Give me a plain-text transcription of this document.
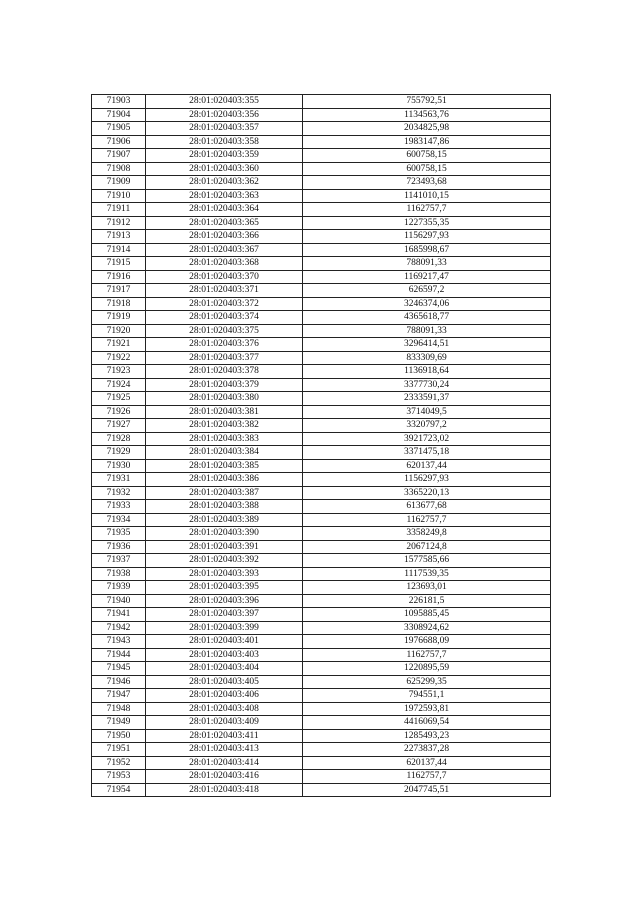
71903	28:01:020403:355	755792,51
71904	28:01:020403:356	1134563,76
71905	28:01:020403:357	2034825,98
71906	28:01:020403:358	1983147,86
71907	28:01:020403:359	600758,15
71908	28:01:020403:360	600758,15
71909	28:01:020403:362	723493,68
71910	28:01:020403:363	1141010,15
71911	28:01:020403:364	1162757,7
71912	28:01:020403:365	1227355,35
71913	28:01:020403:366	1156297,93
71914	28:01:020403:367	1685998,67
71915	28:01:020403:368	788091,33
71916	28:01:020403:370	1169217,47
71917	28:01:020403:371	626597,2
71918	28:01:020403:372	3246374,06
71919	28:01:020403:374	4365618,77
71920	28:01:020403:375	788091,33
71921	28:01:020403:376	3296414,51
71922	28:01:020403:377	833309,69
71923	28:01:020403:378	1136918,64
71924	28:01:020403:379	3377730,24
71925	28:01:020403:380	2333591,37
71926	28:01:020403:381	3714049,5
71927	28:01:020403:382	3320797,2
71928	28:01:020403:383	3921723,02
71929	28:01:020403:384	3371475,18
71930	28:01:020403:385	620137,44
71931	28:01:020403:386	1156297,93
71932	28:01:020403:387	3365220,13
71933	28:01:020403:388	613677,68
71934	28:01:020403:389	1162757,7
71935	28:01:020403:390	3358249,8
71936	28:01:020403:391	2067124,8
71937	28:01:020403:392	1577585,66
71938	28:01:020403:393	1117539,35
71939	28:01:020403:395	123693,01
71940	28:01:020403:396	226181,5
71941	28:01:020403:397	1095885,45
71942	28:01:020403:399	3308924,62
71943	28:01:020403:401	1976688,09
71944	28:01:020403:403	1162757,7
71945	28:01:020403:404	1220895,59
71946	28:01:020403:405	625299,35
71947	28:01:020403:406	794551,1
71948	28:01:020403:408	1972593,81
71949	28:01:020403:409	4416069,54
71950	28:01:020403:411	1285493,23
71951	28:01:020403:413	2273837,28
71952	28:01:020403:414	620137,44
71953	28:01:020403:416	1162757,7
71954	28:01:020403:418	2047745,51
